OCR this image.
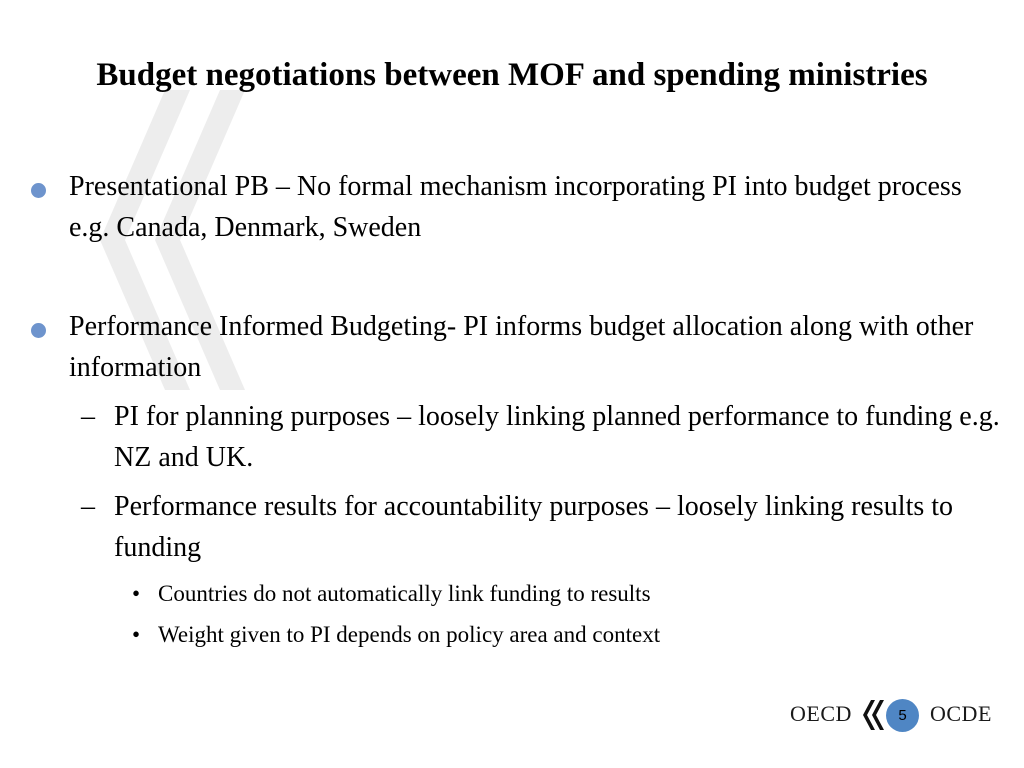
Budget negotiations between MOF and spending ministries
Presentational PB – No formal mechanism incorporating PI into budget process e.g. Canada, Denmark, Sweden
Performance Informed Budgeting- PI informs budget allocation along with other information
– PI for planning purposes – loosely linking planned performance to funding e.g. NZ and UK.
– Performance results for accountability purposes – loosely linking results to funding
• Countries do not automatically link funding to results
• Weight given to PI depends on policy area and context
OECD	5	OCDE
